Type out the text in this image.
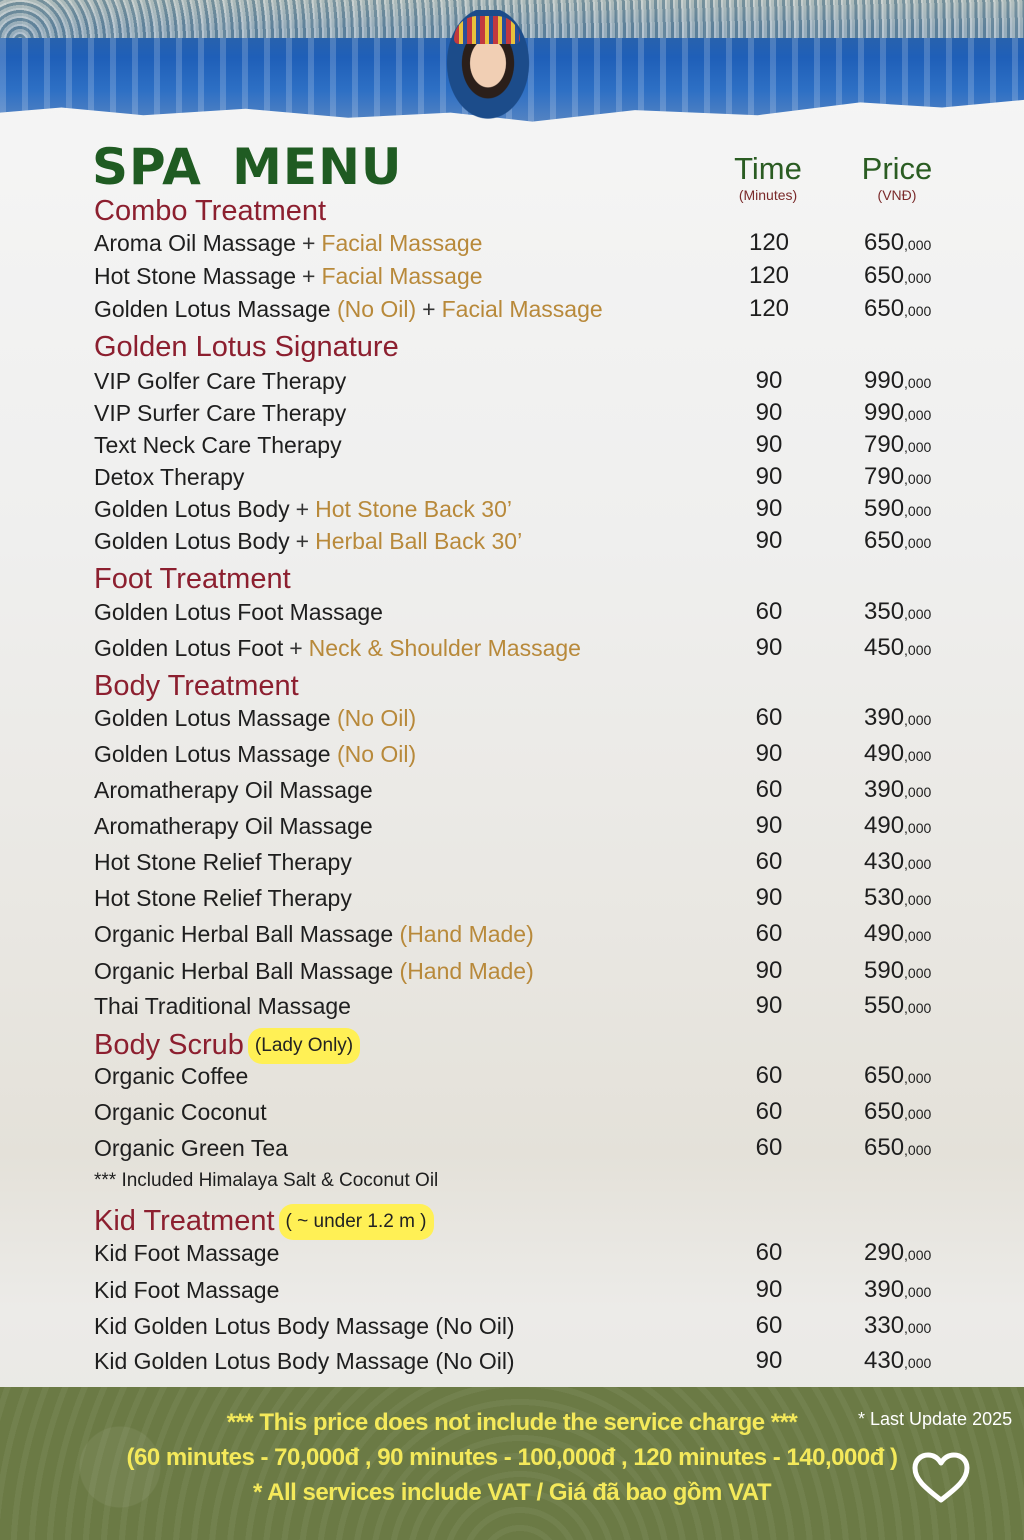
SPA MENU	Time
(Minutes)
Price
(VNĐ)
Combo Treatment
Aroma Oil Massage + Facial Massage	120	650,000
Hot Stone Massage + Facial Massage	120	650,000
Golden Lotus Massage (No Oil) + Facial Massage	120	650,000
Golden Lotus Signature
VIP Golfer Care Therapy	90	990,000
VIP Surfer Care Therapy	90	990,000
Text Neck Care Therapy	90	790,000
Detox Therapy	90	790,000
Golden Lotus Body + Hot Stone Back 30’	90	590,000
Golden Lotus Body + Herbal Ball Back 30’	90	650,000
Foot Treatment
Golden Lotus Foot Massage	60	350,000
Golden Lotus Foot + Neck & Shoulder Massage	90	450,000
Body Treatment
Golden Lotus Massage (No Oil)	60	390,000
Golden Lotus Massage (No Oil)	90	490,000
Aromatherapy Oil Massage	60	390,000
Aromatherapy Oil Massage	90	490,000
Hot Stone Relief Therapy	60	430,000
Hot Stone Relief Therapy	90	530,000
Organic Herbal Ball Massage (Hand Made)	60	490,000
Organic Herbal Ball Massage (Hand Made)	90	590,000
Thai Traditional Massage	90	550,000
Body Scrub (Lady Only)
Organic Coffee	60	650,000
Organic Coconut	60	650,000
Organic Green Tea	60	650,000
Kid Treatment ( ~ under 1.2 m )
Kid Foot Massage	60	290,000
Kid Foot Massage	90	390,000
Kid Golden Lotus Body Massage (No Oil)	60	330,000
Kid Golden Lotus Body Massage (No Oil)	90	430,000

*** Included Himalaya Salt & Coconut Oil

*** This price does not include the service charge ***

(60 minutes - 70,000đ , 90 minutes - 100,000đ , 120 minutes - 140,000đ )

* All services include VAT / Giá đã bao gồm VAT

* Last Update 2025
